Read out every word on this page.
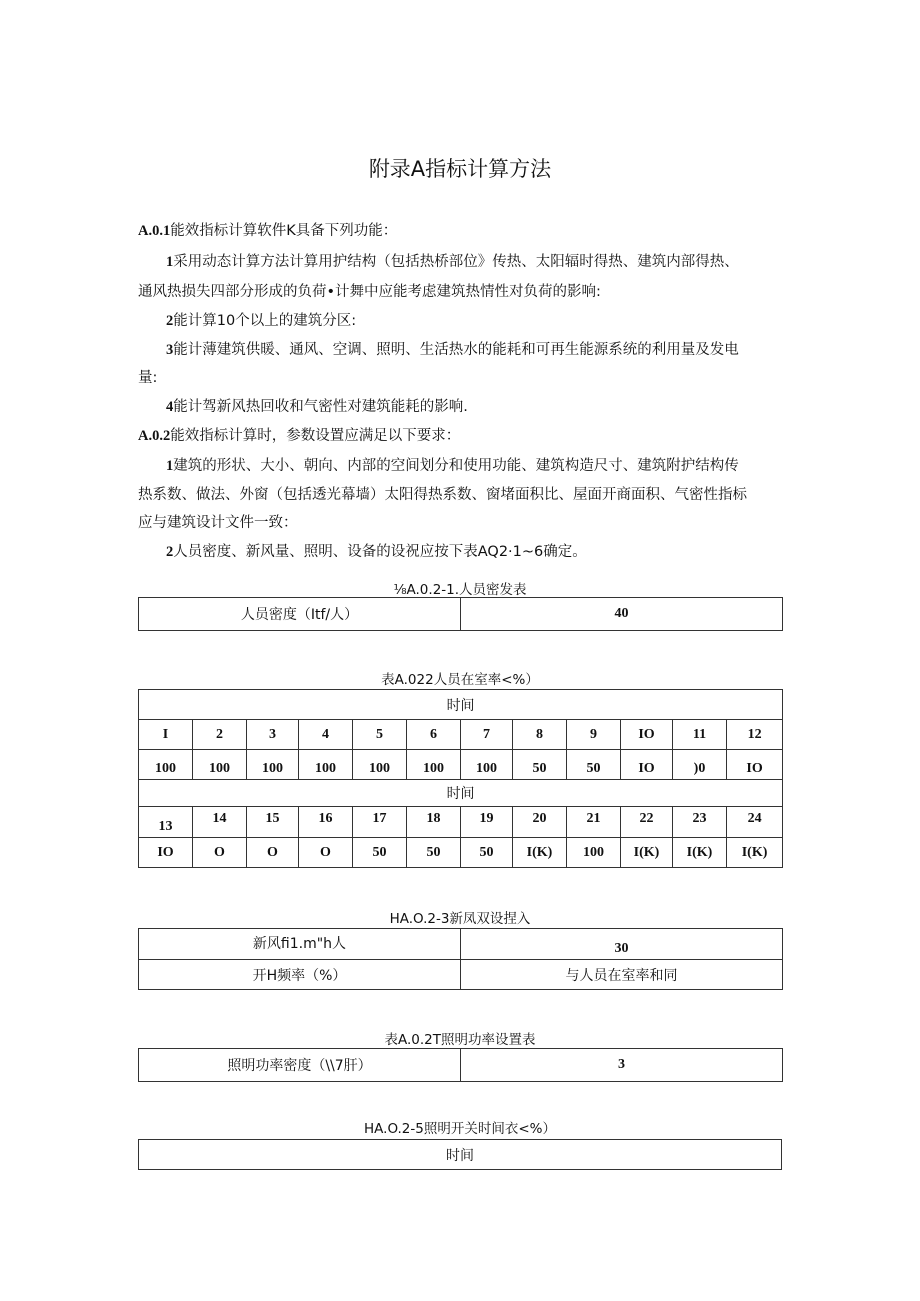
附录A指标计算方法
A.0.1能效指标计算软件K具备下列功能：
1采用动态计算方法计算用护结构（包括热桥部位》传热、太阳辐时得热、建筑内部得热、
通风热损失四部分形成的负荷•计舞中应能考虑建筑热情性对负荷的影响:
2能计算10个以上的建筑分区:
3能计薄建筑供暖、通风、空调、照明、生活热水的能耗和可再生能源系统的利用量及发电
量:
4能计驾新风热回收和气密性对建筑能耗的影响.
A.0.2能效指标计算时，参数设置应满足以下要求：
1建筑的形状、大小、朝向、内部的空间划分和使用功能、建筑构造尺寸、建筑附护结构传
热系数、做法、外窗（包括透光幕墙）太阳得热系数、窗堵面积比、屋面开商面积、气密性指标
应与建筑设计文件一致：
2人员密度、新风量、照明、设备的设祝应按下表AQ2·1~6确定。
⅛A.0.2-1.人员密发表
人员密度（Itf/人）	40
表A.022人员在室率<%）
时间											
I	2	3	4	5	6	7	8	9	IO	11	12
100	100	100	100	100	100	100	50	50	IO	)0	IO
时间											
13	14	15	16	17	18	19	20	21	22	23	24
IO	O	O	O	50	50	50	I(K)	100	I(K)	I(K)	I(K)
HA.O.2-3新凤双设捏入
新风fi1.m"h人	30
开H频率（%）	与人员在室率和同
表A.0.2T照明功率设置表
照明功率密度（\\7肝）	3
HA.O.2-5照明开关时间衣<%）
时间
